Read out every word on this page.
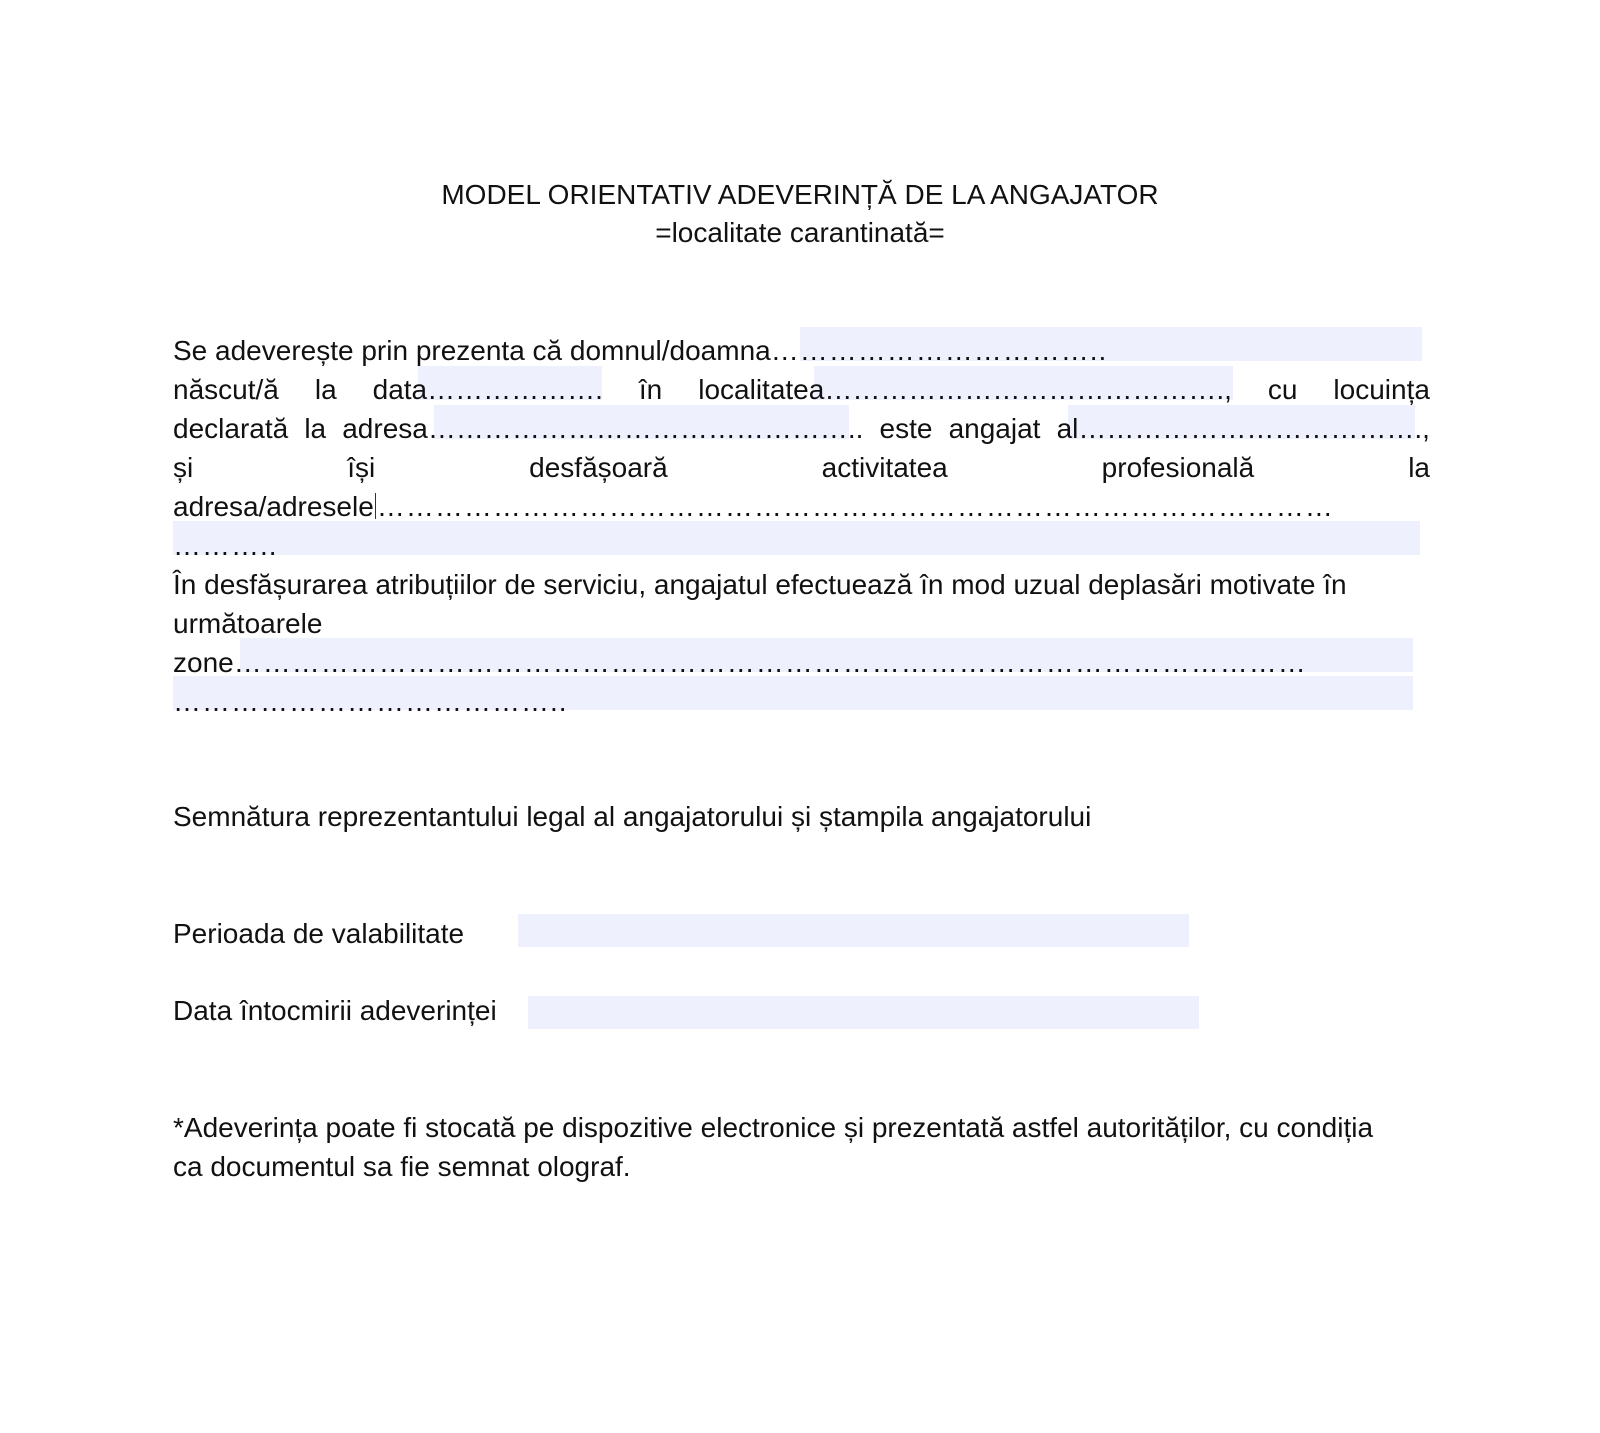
MODEL ORIENTATIV ADEVERINȚĂ DE LA ANGAJATOR
=localitate carantinată=
Se adeverește prin prezenta că domnul/doamna……………………………..
născut/ă la data………………. în localitatea……………………………………., cu locuința
declarată la adresa……………………………………….. este angajat al……………………………….,
și	își	desfășoară	activitatea	profesională	la
adresa/adresele ………………………………………………………………………………………
………..
În desfășurarea atribuțiilor de serviciu, angajatul efectuează în mod uzual deplasări motivate în
următoarele
zone…………………………………………………………………………………………………
…………………………………..
Semnătura reprezentantului legal al angajatorului și ștampila angajatorului
Perioada de valabilitate
Data întocmirii adeverinței
*Adeverința poate fi stocată pe dispozitive electronice și prezentată astfel autorităților, cu condiția
ca documentul sa fie semnat olograf.
